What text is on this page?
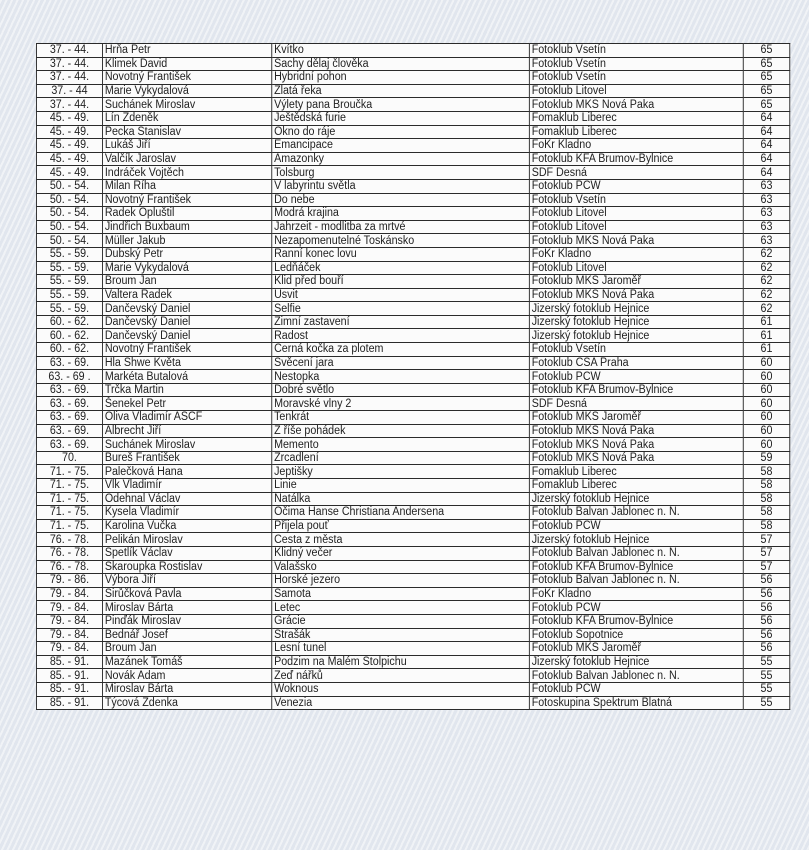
37. - 44.	Hrňa Petr	Kvítko	Fotoklub Vsetín	65
37. - 44.	Klimek David	Šachy dělaj člověka	Fotoklub Vsetín	65
37. - 44.	Novotný František	Hybridní pohon	Fotoklub Vsetín	65
37. - 44	Marie Vykydalová	Zlatá řeka	Fotoklub Litovel	65
37. - 44.	Suchánek Miroslav	Výlety pana Broučka	Fotoklub MKS Nová Paka	65
45. - 49.	Lín Zdeněk	Ještědská furie	Fomaklub Liberec	64
45. - 49.	Pecka Stanislav	Okno do ráje	Fomaklub Liberec	64
45. - 49.	Lukáš Jiří	Emancipace	FoKr Kladno	64
45. - 49.	Valčík Jaroslav	Amazonky	Fotoklub KFA Brumov-Bylnice	64
45. - 49.	Indráček Vojtěch	Tolsburg	SDF Desná	64
50. - 54.	Milan Říha	V labyrintu světla	Fotoklub PCW	63
50. - 54.	Novotný František	Do nebe	Fotoklub Vsetín	63
50. - 54.	Radek Opluštil	Modrá krajina	Fotoklub Litovel	63
50. - 54.	Jindřich Buxbaum	Jahrzeit - modlitba za mrtvé	Fotoklub Litovel	63
50. - 54.	Müller Jakub	Nezapomenutelné Toskánsko	Fotoklub MKS Nová Paka	63
55. - 59.	Dubský Petr	Ranní konec lovu	FoKr Kladno	62
55. - 59.	Marie Vykydalová	Ledňáček	Fotoklub Litovel	62
55. - 59.	Broum Jan	Klid před bouří	Fotoklub MKS Jaroměř	62
55. - 59.	Valtera Radek	Úsvit	Fotoklub MKS Nová Paka	62
55. - 59.	Dančevský Daniel	Selfie	Jizerský fotoklub Hejnice	62
60. - 62.	Dančevský Daniel	Zimní zastavení	Jizerský fotoklub Hejnice	61
60. - 62.	Dančevský Daniel	Radost	Jizerský fotoklub Hejnice	61
60. - 62.	Novotný František	Černá kočka za plotem	Fotoklub Vsetín	61
63. - 69.	Hla Shwe Květa	Svěcení jara	Fotoklub ČSA Praha	60
63. - 69 .	Markéta Butalová	Nestopka	Fotoklub PCW	60
63. - 69.	Trčka Martin	Dobré světlo	Fotoklub KFA Brumov-Bylnice	60
63. - 69.	Šenekel Petr	Moravské vlny 2	SDF Desná	60
63. - 69.	Oliva Vladimír ASČF	Tenkrát	Fotoklub MKS Jaroměř	60
63. - 69.	Albrecht Jiří	Z říše pohádek	Fotoklub MKS Nová Paka	60
63. - 69.	Suchánek Miroslav	Memento	Fotoklub MKS Nová Paka	60
70.	Bureš František	Zrcadlení	Fotoklub MKS Nová Paka	59
71. - 75.	Palečková Hana	Jeptišky	Fomaklub Liberec	58
71. - 75.	Vlk Vladimír	Linie	Fomaklub Liberec	58
71. - 75.	Odehnal Václav	Natálka	Jizerský fotoklub Hejnice	58
71. - 75.	Kysela Vladimír	Očima Hanse Christiana Andersena	Fotoklub Balvan Jablonec n. N.	58
71. - 75.	Karolina Vučka	Přijela pouť	Fotoklub PCW	58
76. - 78.	Pelikán Miroslav	Cesta z města	Jizerský fotoklub Hejnice	57
76. - 78.	Špetlík Václav	Klidný večer	Fotoklub Balvan Jablonec n. N.	57
76. - 78.	Skaroupka Rostislav	Valašsko	Fotoklub KFA Brumov-Bylnice	57
79. - 86.	Výbora Jiří	Horské jezero	Fotoklub Balvan Jablonec n. N.	56
79. - 84.	Sirůčková Pavla	Samota	FoKr Kladno	56
79. - 84.	Miroslav Bárta	Letec	Fotoklub PCW	56
79. - 84.	Pinďák Miroslav	Grácie	Fotoklub KFA Brumov-Bylnice	56
79. - 84.	Bednář Josef	Strašák	Fotoklub Sopotnice	56
79. - 84.	Broum Jan	Lesní tunel	Fotoklub MKS Jaroměř	56
85. - 91.	Mazánek Tomáš	Podzim na Malém Štolpichu	Jizerský fotoklub Hejnice	55
85. - 91.	Novák Adam	Zeď nářků	Fotoklub Balvan Jablonec n. N.	55
85. - 91.	Miroslav Bárta	Woknous	Fotoklub PCW	55
85. - 91.	Týcová Zdenka	Venezia	Fotoskupina Spektrum Blatná	55
